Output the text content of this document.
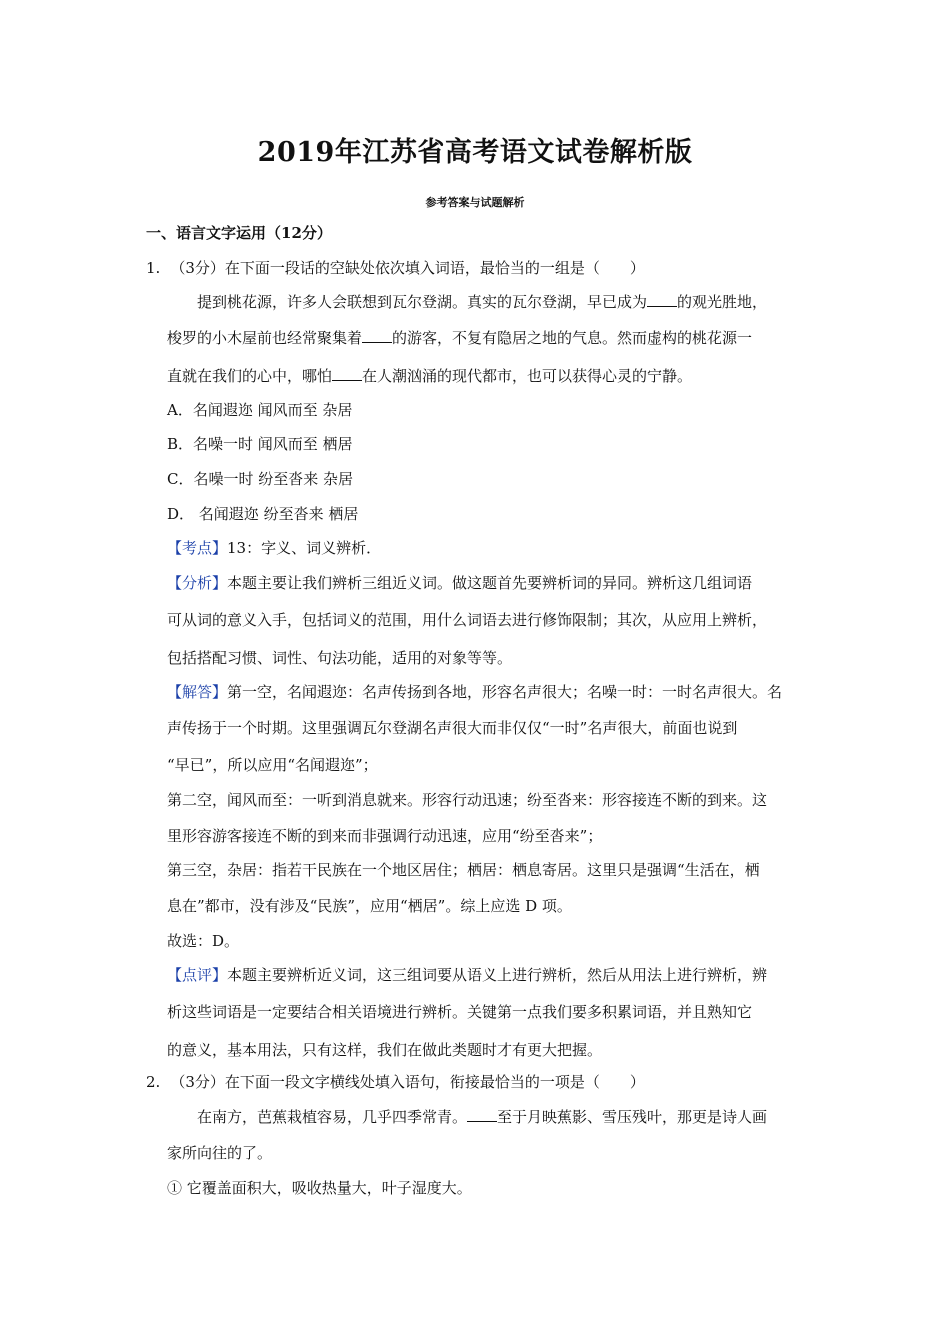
2019年江苏省高考语文试卷解析版
参考答案与试题解析
一、语言文字运用（12分）
1. （3分）在下面一段话的空缺处依次填入词语，最恰当的一组是（　　）
提到桃花源，许多人会联想到瓦尔登湖。真实的瓦尔登湖，早已成为 的观光胜地，
梭罗的小木屋前也经常聚集着 的游客，不复有隐居之地的气息。然而虚构的桃花源一
直就在我们的心中，哪怕 在人潮汹涌的现代都市，也可以获得心灵的宁静。
A．名闻遐迩 闻风而至 杂居
B．名噪一时 闻风而至 栖居
C．名噪一时 纷至沓来 杂居
D． 名闻遐迩 纷至沓来 栖居
【考点】13：字义、词义辨析．
【分析】本题主要让我们辨析三组近义词。做这题首先要辨析词的异同。辨析这几组词语
可从词的意义入手，包括词义的范围，用什么词语去进行修饰限制；其次，从应用上辨析，
包括搭配习惯、词性、句法功能，适用的对象等等。
【解答】第一空，名闻遐迩：名声传扬到各地，形容名声很大；名噪一时：一时名声很大。名
声传扬于一个时期。这里强调瓦尔登湖名声很大而非仅仅“一时”名声很大，前面也说到
“早已”，所以应用“名闻遐迩”；
第二空，闻风而至：一听到消息就来。形容行动迅速；纷至沓来：形容接连不断的到来。这
里形容游客接连不断的到来而非强调行动迅速，应用“纷至沓来”；
第三空，杂居：指若干民族在一个地区居住；栖居：栖息寄居。这里只是强调“生活在，栖
息在”都市，没有涉及“民族”，应用“栖居”。综上应选 D 项。
故选：D。
【点评】本题主要辨析近义词，这三组词要从语义上进行辨析，然后从用法上进行辨析，辨
析这些词语是一定要结合相关语境进行辨析。关键第一点我们要多积累词语，并且熟知它
的意义，基本用法，只有这样，我们在做此类题时才有更大把握。
2. （3分）在下面一段文字横线处填入语句，衔接最恰当的一项是（　　）
在南方，芭蕉栽植容易，几乎四季常青。 至于月映蕉影、雪压残叶，那更是诗人画
家所向往的了。
① 它覆盖面积大，吸收热量大，叶子湿度大。
